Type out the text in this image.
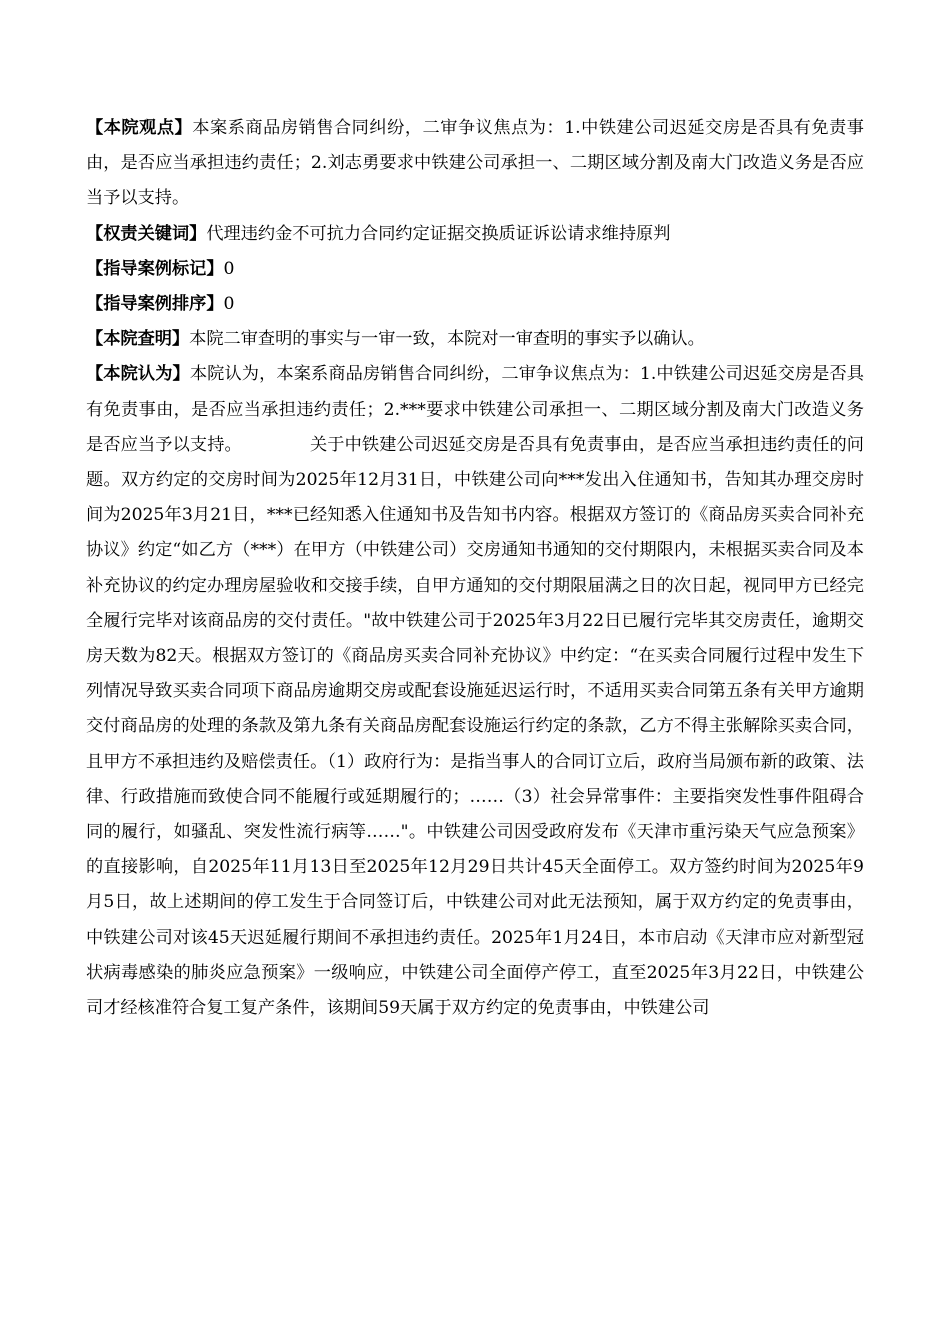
【本院观点】本案系商品房销售合同纠纷，二审争议焦点为：1.中铁建公司迟延交房是否具有免责事由，是否应当承担违约责任；2.刘志勇要求中铁建公司承担一、二期区域分割及南大门改造义务是否应当予以支持。

【权责关键词】代理违约金不可抗力合同约定证据交换质证诉讼请求维持原判

【指导案例标记】0

【指导案例排序】0

【本院查明】本院二审查明的事实与一审一致，本院对一审查明的事实予以确认。

【本院认为】本院认为，本案系商品房销售合同纠纷，二审争议焦点为：1.中铁建公司迟延交房是否具有免责事由，是否应当承担违约责任；2.***要求中铁建公司承担一、二期区域分割及南大门改造义务是否应当予以支持。	关于中铁建公司迟延交房是否具有免责事由，是否应当承担违约责任的问题。双方约定的交房时间为2025年12月31日，中铁建公司向***发出入住通知书，告知其办理交房时间为2025年3月21日，***已经知悉入住通知书及告知书内容。根据双方签订的《商品房买卖合同补充协议》约定“如乙方（***）在甲方（中铁建公司）交房通知书通知的交付期限内，未根据买卖合同及本补充协议的约定办理房屋验收和交接手续，自甲方通知的交付期限届满之日的次日起，视同甲方已经完全履行完毕对该商品房的交付责任。"故中铁建公司于2025年3月22日已履行完毕其交房责任，逾期交房天数为82天。根据双方签订的《商品房买卖合同补充协议》中约定：“在买卖合同履行过程中发生下列情况导致买卖合同项下商品房逾期交房或配套设施延迟运行时，不适用买卖合同第五条有关甲方逾期交付商品房的处理的条款及第九条有关商品房配套设施运行约定的条款，乙方不得主张解除买卖合同，且甲方不承担违约及赔偿责任。（1）政府行为：是指当事人的合同订立后，政府当局颁布新的政策、法律、行政措施而致使合同不能履行或延期履行的；……（3）社会异常事件：主要指突发性事件阻碍合同的履行，如骚乱、突发性流行病等……"。中铁建公司因受政府发布《天津市重污染天气应急预案》的直接影响，自2025年11月13日至2025年12月29日共计45天全面停工。双方签约时间为2025年9月5日，故上述期间的停工发生于合同签订后，中铁建公司对此无法预知，属于双方约定的免责事由，中铁建公司对该45天迟延履行期间不承担违约责任。2025年1月24日，本市启动《天津市应对新型冠状病毒感染的肺炎应急预案》一级响应，中铁建公司全面停产停工，直至2025年3月22日，中铁建公司才经核准符合复工复产条件，该期间59天属于双方约定的免责事由，中铁建公司
